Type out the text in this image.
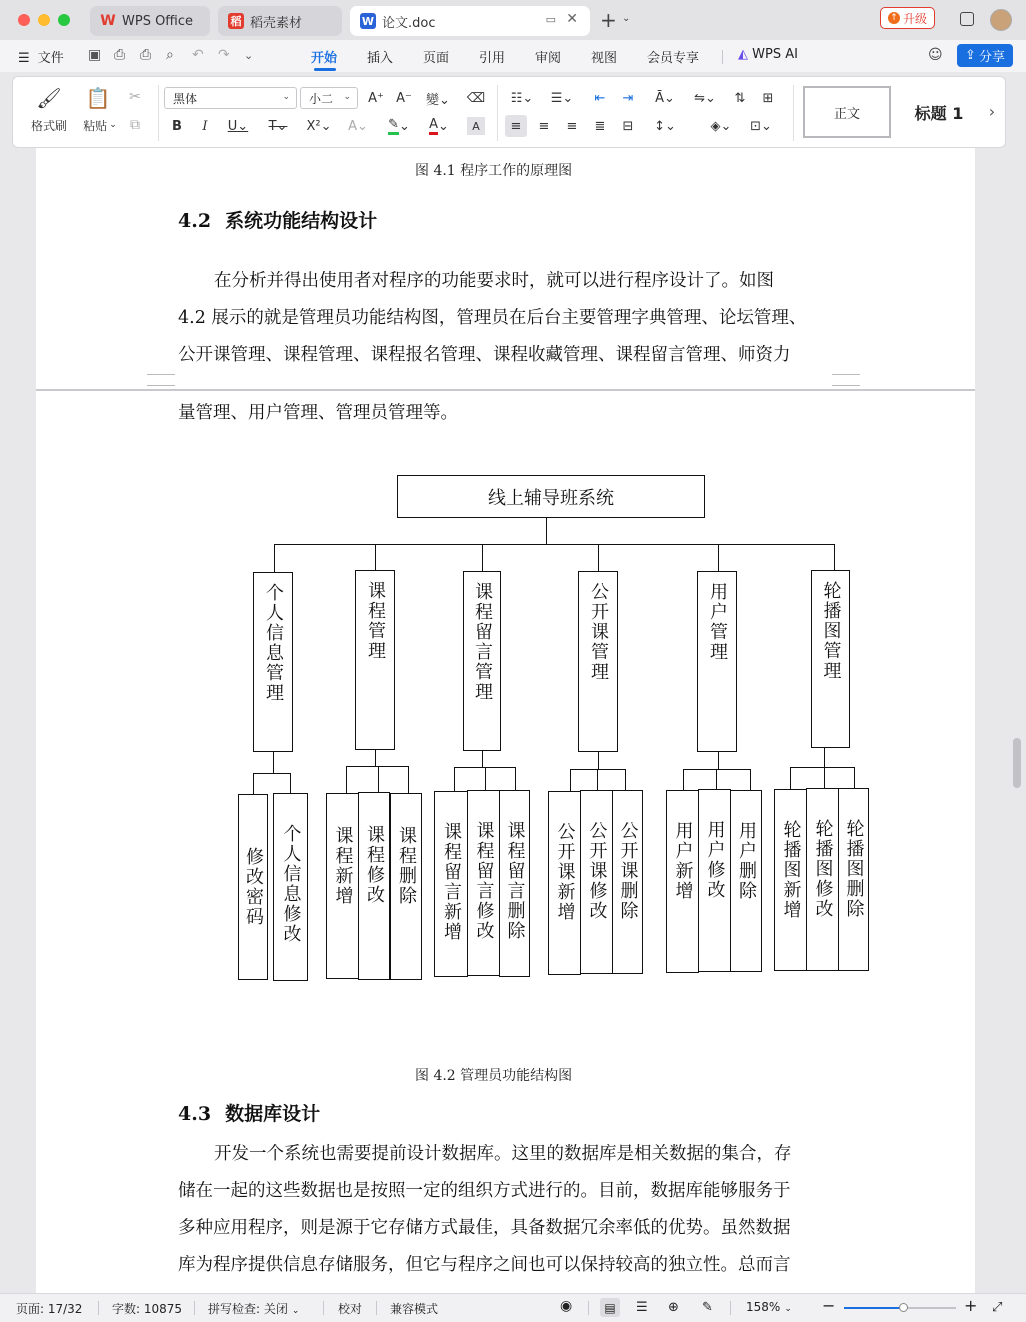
W WPS Office	稻 稻壳素材	W 论文.doc	▭ ✕ + ⌄	↑ 升级
☰ 文件 ▣ ⎙ ⎙ ⌕ ↶ ↷ ⌄	开始 插入 页面 引用 审阅 视图 会员专享	◭ WPS AI	☺ ⇪ 分享
🖌
格式刷
📋
粘贴 ⌄
✂
⧉
黑体	⌄ 小二 ⌄ A⁺ A⁻	變⌄	⌫
B	I	U⌄	T⌄	X²⌄	A⌄	✎ ⌄	A ⌄	A
☷⌄ ☰⌄	⇤	⇥	Ā⌄	⇋⌄	⇅	⊞
≡	≡	≡	≣	⊟	↕⌄	◈⌄	⊡⌄
正文	标题 1	›
图 4.1 程序工作的原理图
4.2 系统功能结构设计
在分析并得出使用者对程序的功能要求时，就可以进行程序设计了。如图
4.2 展示的就是管理员功能结构图，管理员在后台主要管理字典管理、论坛管理、
公开课管理、课程管理、课程报名管理、课程收藏管理、课程留言管理、师资力
量管理、用户管理、管理员管理等。
线上辅导班系统
个人信息管理	课程管理	课程留言管理	公开课管理	用户管理	轮播图管理
修改密码 个人信息修改 课程新增 课程修改 课程删除 课程留言新增 课程留言修改 课程留言删除 公开课新增 公开课修改 公开课删除 用户新增 用户修改 用户删除 轮播图新增 轮播图修改 轮播图删除
图 4.2 管理员功能结构图
4.3 数据库设计
开发一个系统也需要提前设计数据库。这里的数据库是相关数据的集合，存
储在一起的这些数据也是按照一定的组织方式进行的。目前，数据库能够服务于
多种应用程序，则是源于它存储方式最佳，具备数据冗余率低的优势。虽然数据
库为程序提供信息存储服务，但它与程序之间也可以保持较高的独立性。总而言
页面: 17/32 字数: 10875 拼写检查: 关闭 ⌄	校对 兼容模式	◉	▤	☰ ⊕ ✎	158% ⌄ −	+ ⤢
